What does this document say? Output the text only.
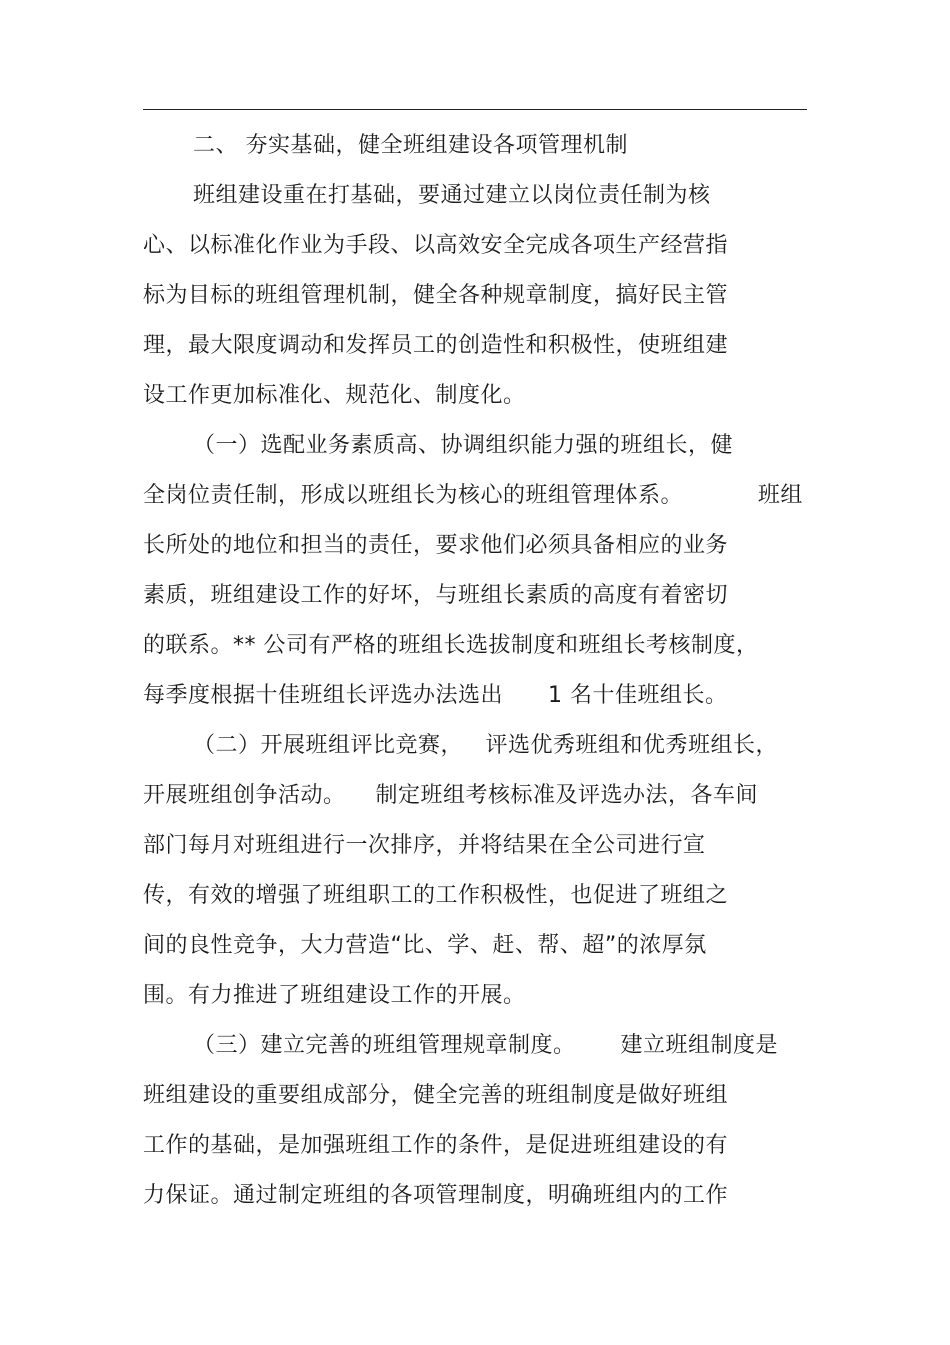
二、 夯实基础，健全班组建设各项管理机制
班组建设重在打基础，要通过建立以岗位责任制为核
心、以标准化作业为手段、以高效安全完成各项生产经营指
标为目标的班组管理机制，健全各种规章制度，搞好民主管
理，最大限度调动和发挥员工的创造性和积极性，使班组建
设工作更加标准化、规范化、制度化。
（一）选配业务素质高、协调组织能力强的班组长，健
全岗位责任制，形成以班组长为核心的班组管理体系。          班组
长所处的地位和担当的责任，要求他们必须具备相应的业务
素质，班组建设工作的好坏，与班组长素质的高度有着密切
的联系。** 公司有严格的班组长选拔制度和班组长考核制度，
每季度根据十佳班组长评选办法选出      1 名十佳班组长。
（二）开展班组评比竞赛，   评选优秀班组和优秀班组长，
开展班组创争活动。    制定班组考核标准及评选办法，各车间
部门每月对班组进行一次排序，并将结果在全公司进行宣
传，有效的增强了班组职工的工作积极性，也促进了班组之
间的良性竞争，大力营造“比、学、赶、帮、超”的浓厚氛
围。有力推进了班组建设工作的开展。
（三）建立完善的班组管理规章制度。      建立班组制度是
班组建设的重要组成部分，健全完善的班组制度是做好班组
工作的基础，是加强班组工作的条件，是促进班组建设的有
力保证。通过制定班组的各项管理制度，明确班组内的工作
